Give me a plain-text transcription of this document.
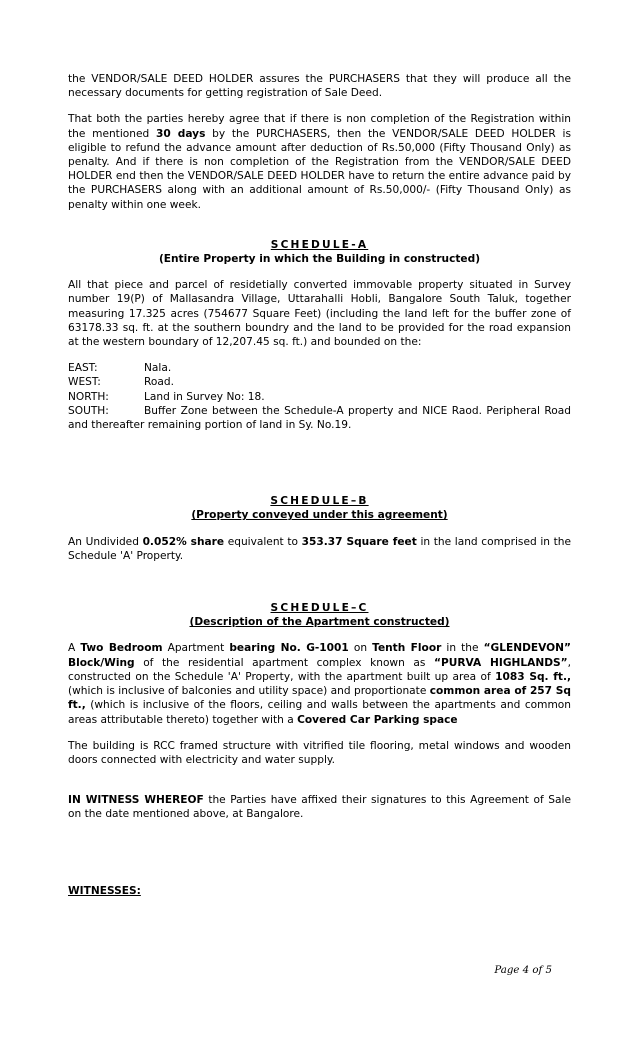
the VENDOR/SALE DEED HOLDER assures the PURCHASERS that they will produce all the necessary documents for getting registration of Sale Deed.

That both the parties hereby agree that if there is non completion of the Registration within the mentioned 30 days by the PURCHASERS, then the VENDOR/SALE DEED HOLDER is eligible to refund the advance amount after deduction of Rs.50,000 (Fifty Thousand Only) as penalty. And if there is non completion of the Registration from the VENDOR/SALE DEED HOLDER end then the VENDOR/SALE DEED HOLDER have to return the entire advance paid by the PURCHASERS along with an additional amount of Rs.50,000/- (Fifty Thousand Only) as penalty within one week.

SCHEDULE-A
(Entire Property in which the Building in constructed)

All that piece and parcel of residetially converted immovable property situated in Survey number 19(P) of Mallasandra Village, Uttarahalli Hobli, Bangalore South Taluk, together measuring 17.325 acres (754677 Square Feet) (including the land left for the buffer zone of 63178.33 sq. ft. at the southern boundry and the land to be provided for the road expansion at the western boundary of 12,207.45 sq. ft.) and bounded on the:

EAST:	Nala.
WEST:	Road.
NORTH:	Land in Survey No: 18.

SOUTH:	Buffer Zone between the Schedule-A property and NICE Raod. Peripheral Road and thereafter remaining portion of land in Sy. No.19.

SCHEDULE–B
(Property conveyed under this agreement)

An Undivided 0.052% share equivalent to 353.37 Square feet in the land comprised in the Schedule 'A' Property.

SCHEDULE–C
(Description of the Apartment constructed)

A Two Bedroom Apartment bearing No. G-1001 on Tenth Floor in the “GLENDEVON” Block/Wing of the residential apartment complex known as “PURVA HIGHLANDS”, constructed on the Schedule 'A' Property, with the apartment built up area of 1083 Sq. ft., (which is inclusive of balconies and utility space) and proportionate common area of 257 Sq ft., (which is inclusive of the floors, ceiling and walls between the apartments and common areas attributable thereto) together with a Covered Car Parking space

The building is RCC framed structure with vitrified tile flooring, metal windows and wooden doors connected with electricity and water supply.

IN WITNESS WHEREOF the Parties have affixed their signatures to this Agreement of Sale on the date mentioned above, at Bangalore.

WITNESSES:
Page 4 of 5
